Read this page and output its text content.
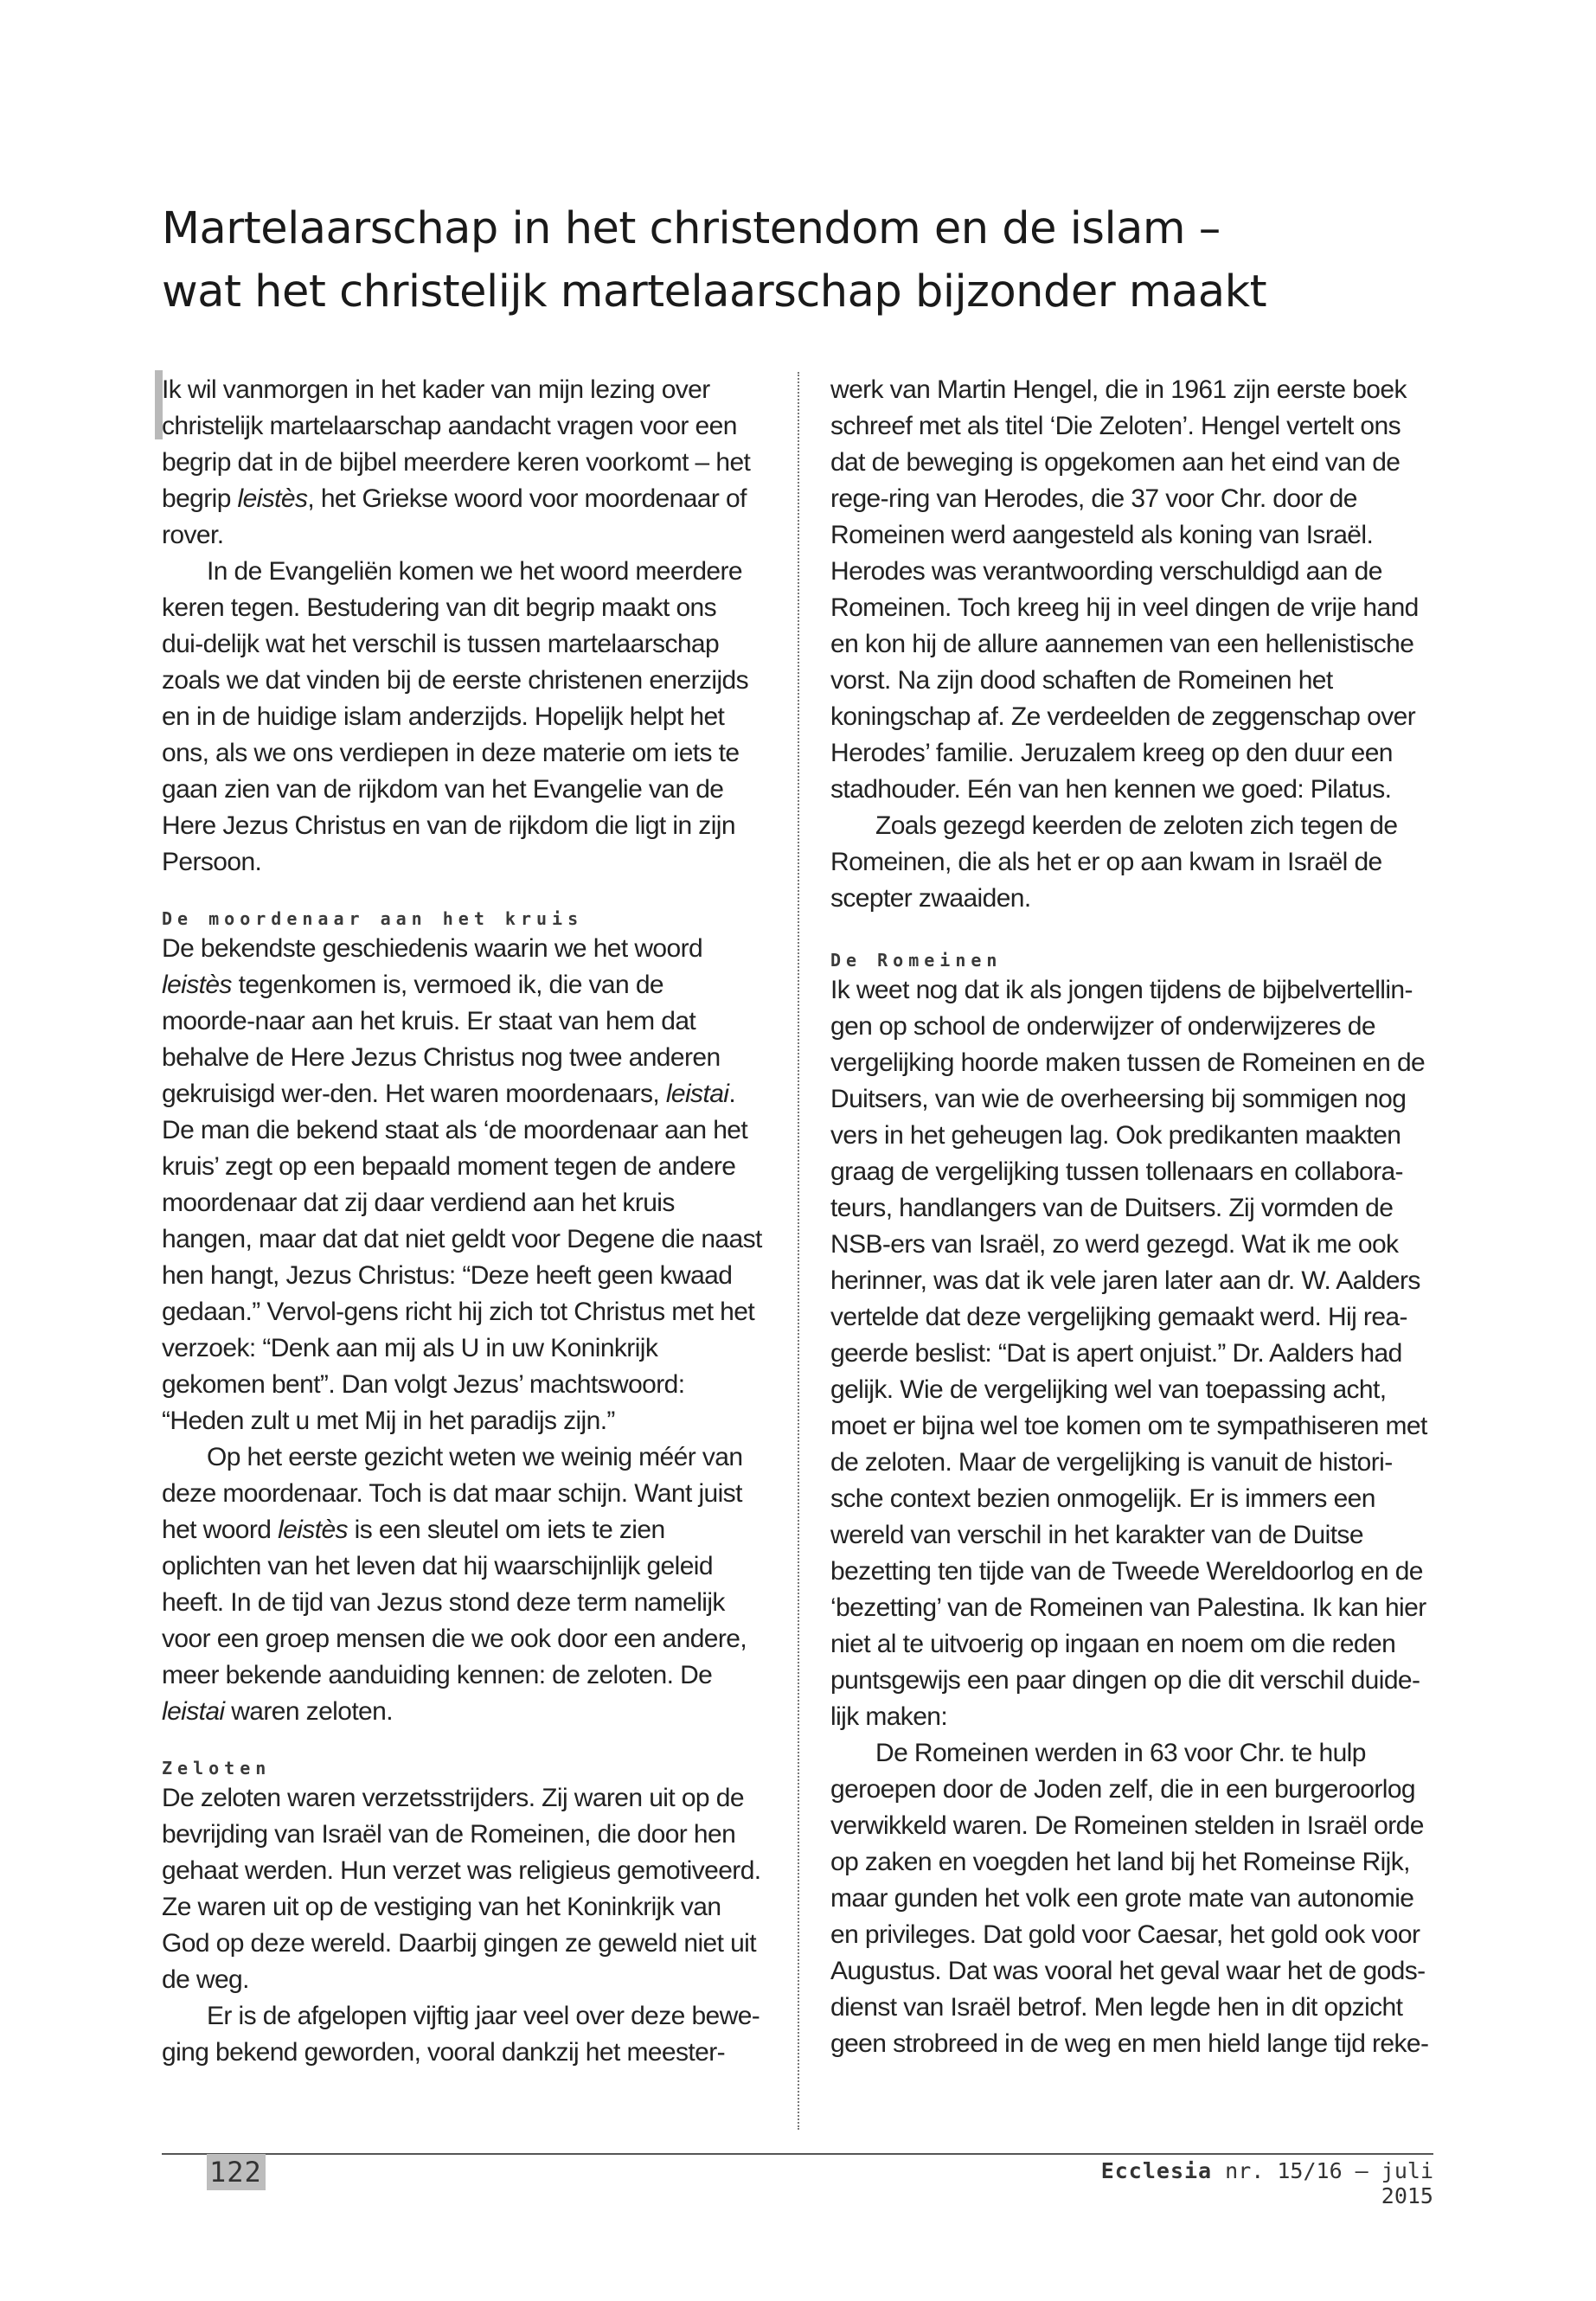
Martelaarschap in het christendom en de islam –
wat het christelijk martelaarschap bijzonder maakt

Ik wil vanmorgen in het kader van mijn lezing over christelijk martelaarschap aandacht vragen voor een begrip dat in de bijbel meerdere keren voorkomt – het begrip leistès, het Griekse woord voor moordenaar of rover.

In de Evangeliën komen we het woord meerdere keren tegen. Bestudering van dit begrip maakt ons dui-delijk wat het verschil is tussen martelaarschap zoals we dat vinden bij de eerste christenen enerzijds en in de huidige islam anderzijds. Hopelijk helpt het ons, als we ons verdiepen in deze materie om iets te gaan zien van de rijkdom van het Evangelie van de Here Jezus Christus en van de rijkdom die ligt in zijn Persoon.

De moordenaar aan het kruis

De bekendste geschiedenis waarin we het woord leistès tegenkomen is, vermoed ik, die van de moorde-naar aan het kruis. Er staat van hem dat behalve de Here Jezus Christus nog twee anderen gekruisigd wer-den. Het waren moordenaars, leistai. De man die bekend staat als ‘de moordenaar aan het kruis’ zegt op een bepaald moment tegen de andere moordenaar dat zij daar verdiend aan het kruis hangen, maar dat dat niet geldt voor Degene die naast hen hangt, Jezus Christus: “Deze heeft geen kwaad gedaan.” Vervol-gens richt hij zich tot Christus met het verzoek: “Denk aan mij als U in uw Koninkrijk gekomen bent”. Dan volgt Jezus’ machtswoord: “Heden zult u met Mij in het paradijs zijn.”

Op het eerste gezicht weten we weinig méér van deze moordenaar. Toch is dat maar schijn. Want juist het woord leistès is een sleutel om iets te zien oplichten van het leven dat hij waarschijnlijk geleid heeft. In de tijd van Jezus stond deze term namelijk voor een groep mensen die we ook door een andere, meer bekende aanduiding kennen: de zeloten. De leistai waren zeloten.

Zeloten

De zeloten waren verzetsstrijders. Zij waren uit op de bevrijding van Israël van de Romeinen, die door hen gehaat werden. Hun verzet was religieus gemotiveerd. Ze waren uit op de vestiging van het Koninkrijk van God op deze wereld. Daarbij gingen ze geweld niet uit de weg.

Er is de afgelopen vijftig jaar veel over deze bewe-ging bekend geworden, vooral dankzij het meester-

werk van Martin Hengel, die in 1961 zijn eerste boek schreef met als titel ‘Die Zeloten’. Hengel vertelt ons dat de beweging is opgekomen aan het eind van de rege-ring van Herodes, die 37 voor Chr. door de Romeinen werd aangesteld als koning van Israël. Herodes was verantwoording verschuldigd aan de Romeinen. Toch kreeg hij in veel dingen de vrije hand en kon hij de allure aannemen van een hellenistische vorst. Na zijn dood schaften de Romeinen het koningschap af. Ze verdeelden de zeggenschap over Herodes’ familie. Jeruzalem kreeg op den duur een stadhouder. Eén van hen kennen we goed: Pilatus.

Zoals gezegd keerden de zeloten zich tegen de Romeinen, die als het er op aan kwam in Israël de scepter zwaaiden.

De Romeinen

Ik weet nog dat ik als jongen tijdens de bijbelvertellin-gen op school de onderwijzer of onderwijzeres de vergelijking hoorde maken tussen de Romeinen en de Duitsers, van wie de overheersing bij sommigen nog vers in het geheugen lag. Ook predikanten maakten graag de vergelijking tussen tollenaars en collabora-teurs, handlangers van de Duitsers. Zij vormden de NSB-ers van Israël, zo werd gezegd. Wat ik me ook herinner, was dat ik vele jaren later aan dr. W. Aalders vertelde dat deze vergelijking gemaakt werd. Hij rea-geerde beslist: “Dat is apert onjuist.” Dr. Aalders had gelijk. Wie de vergelijking wel van toepassing acht, moet er bijna wel toe komen om te sympathiseren met de zeloten. Maar de vergelijking is vanuit de histori-sche context bezien onmogelijk. Er is immers een wereld van verschil in het karakter van de Duitse bezetting ten tijde van de Tweede Wereldoorlog en de ‘bezetting’ van de Romeinen van Palestina. Ik kan hier niet al te uitvoerig op ingaan en noem om die reden puntsgewijs een paar dingen op die dit verschil duide-lijk maken:

De Romeinen werden in 63 voor Chr. te hulp geroepen door de Joden zelf, die in een burgeroorlog verwikkeld waren. De Romeinen stelden in Israël orde op zaken en voegden het land bij het Romeinse Rijk, maar gunden het volk een grote mate van autonomie en privileges. Dat gold voor Caesar, het gold ook voor Augustus. Dat was vooral het geval waar het de gods-dienst van Israël betrof. Men legde hen in dit opzicht geen strobreed in de weg en men hield lange tijd reke-

122	Ecclesia nr. 15/16 – juli 2015
